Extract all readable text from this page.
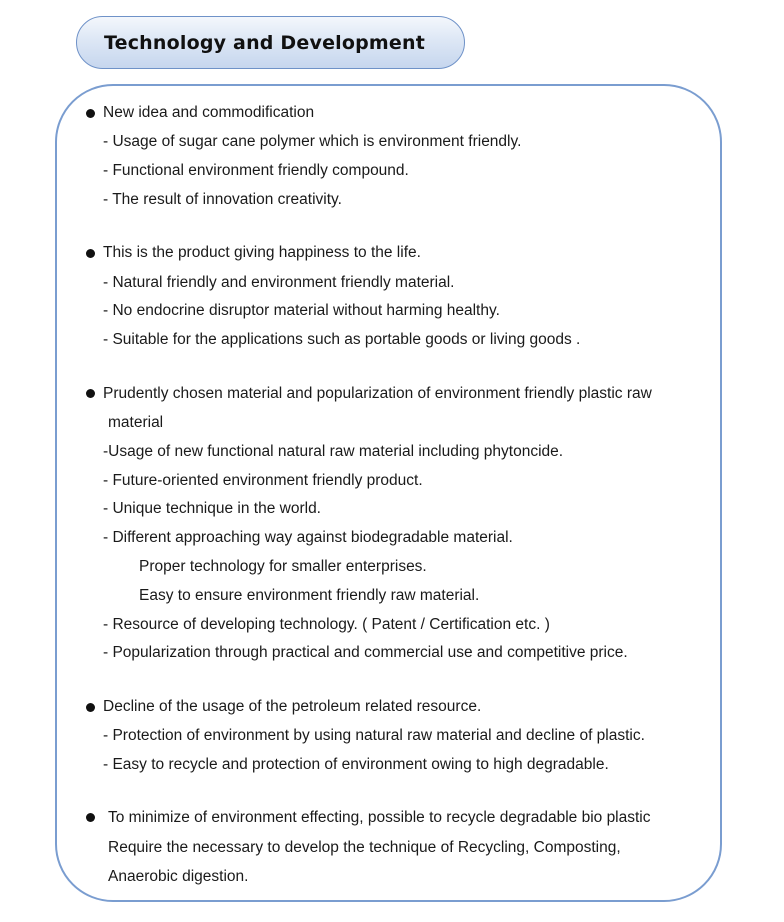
Technology and Development
New idea and commodification
- Usage of sugar cane polymer which is environment friendly.
- Functional environment friendly compound.
- The result of innovation creativity.
This is the product giving happiness to the life.
- Natural friendly and environment friendly material.
- No endocrine disruptor material without harming healthy.
- Suitable for the applications such as portable goods or living goods .
Prudently chosen material and popularization of environment friendly plastic raw
material
-Usage of new functional natural raw material including phytoncide.
- Future-oriented environment friendly product.
- Unique technique in the world.
- Different approaching way against biodegradable material.
Proper technology for smaller enterprises.
Easy to ensure environment friendly raw material.
- Resource of developing technology. ( Patent / Certification etc. )
- Popularization through practical and commercial use and competitive price.
Decline of the usage of the petroleum related resource.
- Protection of environment by using natural raw material and decline of plastic.
- Easy to recycle and protection of environment owing to high degradable.
To minimize of environment effecting, possible to recycle degradable bio plastic
Require the necessary to develop the technique of Recycling, Composting,
Anaerobic digestion.
